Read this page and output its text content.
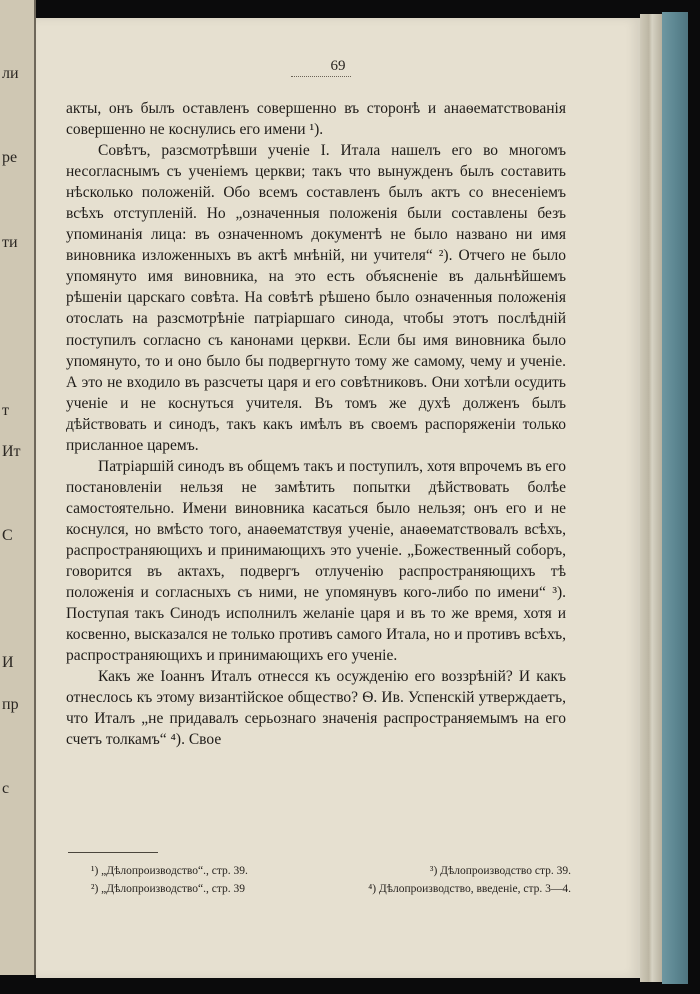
ли
ре
ти
т
Ит
С
И
пр
с
69

акты, онъ былъ оставленъ совершенно въ сторонѣ и анаѳематствованія совершенно не коснулись его имени ¹).

Совѣтъ, разсмотрѣвши ученіе І. Итала нашелъ его во многомъ несогласнымъ съ ученіемъ церкви; такъ что вынужденъ былъ составить нѣсколько положеній. Обо всемъ составленъ былъ актъ со внесеніемъ всѣхъ отступленій. Но „означенныя положенія были составлены безъ упоминанія лица: въ означенномъ документѣ не было названо ни имя виновника изложенныхъ въ актѣ мнѣній, ни учителя“ ²). Отчего не было упомянуто имя виновника, на это есть объясненіе въ дальнѣйшемъ рѣшеніи царскаго совѣта. На совѣтѣ рѣшено было означенныя положенія отослать на разсмотрѣніе патріаршаго синода, чтобы этотъ послѣдній поступилъ согласно съ канонами церкви. Если бы имя виновника было упомянуто, то и оно было бы подвергнуто тому же самому, чему и ученіе. А это не входило въ разсчеты царя и его совѣтниковъ. Они хотѣли осудить ученіе и не коснуться учителя. Въ томъ же духѣ долженъ былъ дѣйствовать и синодъ, такъ какъ имѣлъ въ своемъ распоряженіи только присланное царемъ.

Патріаршій синодъ въ общемъ такъ и поступилъ, хотя впрочемъ въ его постановленіи нельзя не замѣтить попытки дѣйствовать болѣе самостоятельно. Имени виновника касаться было нельзя; онъ его и не коснулся, но вмѣсто того, анаѳематствуя ученіе, анаѳематствовалъ всѣхъ, распространяющихъ и принимающихъ это ученіе. „Божественный соборъ, говорится въ актахъ, подвергъ отлученію распространяющихъ тѣ положенія и согласныхъ съ ними, не упомянувъ кого-либо по имени“ ³). Поступая такъ Синодъ исполнилъ желаніе царя и въ то же время, хотя и косвенно, высказался не только противъ самого Итала, но и противъ всѣхъ, распространяющихъ и принимающихъ его ученіе.

Какъ же Іоаннъ Италъ отнесся къ осужденію его воззрѣній? И какъ отнеслось къ этому византійское общество? Ѳ. Ив. Успенскій утверждаетъ, что Италъ „не придавалъ серьознаго значенія распространяемымъ на его счетъ толкамъ“ ⁴). Свое

¹) „Дѣлопроизводство“., стр. 39.	³) Дѣлопроизводство стр. 39.
²) „Дѣлопроизводство“., стр. 39	⁴) Дѣлопроизводство, введеніе, стр. 3—4.
